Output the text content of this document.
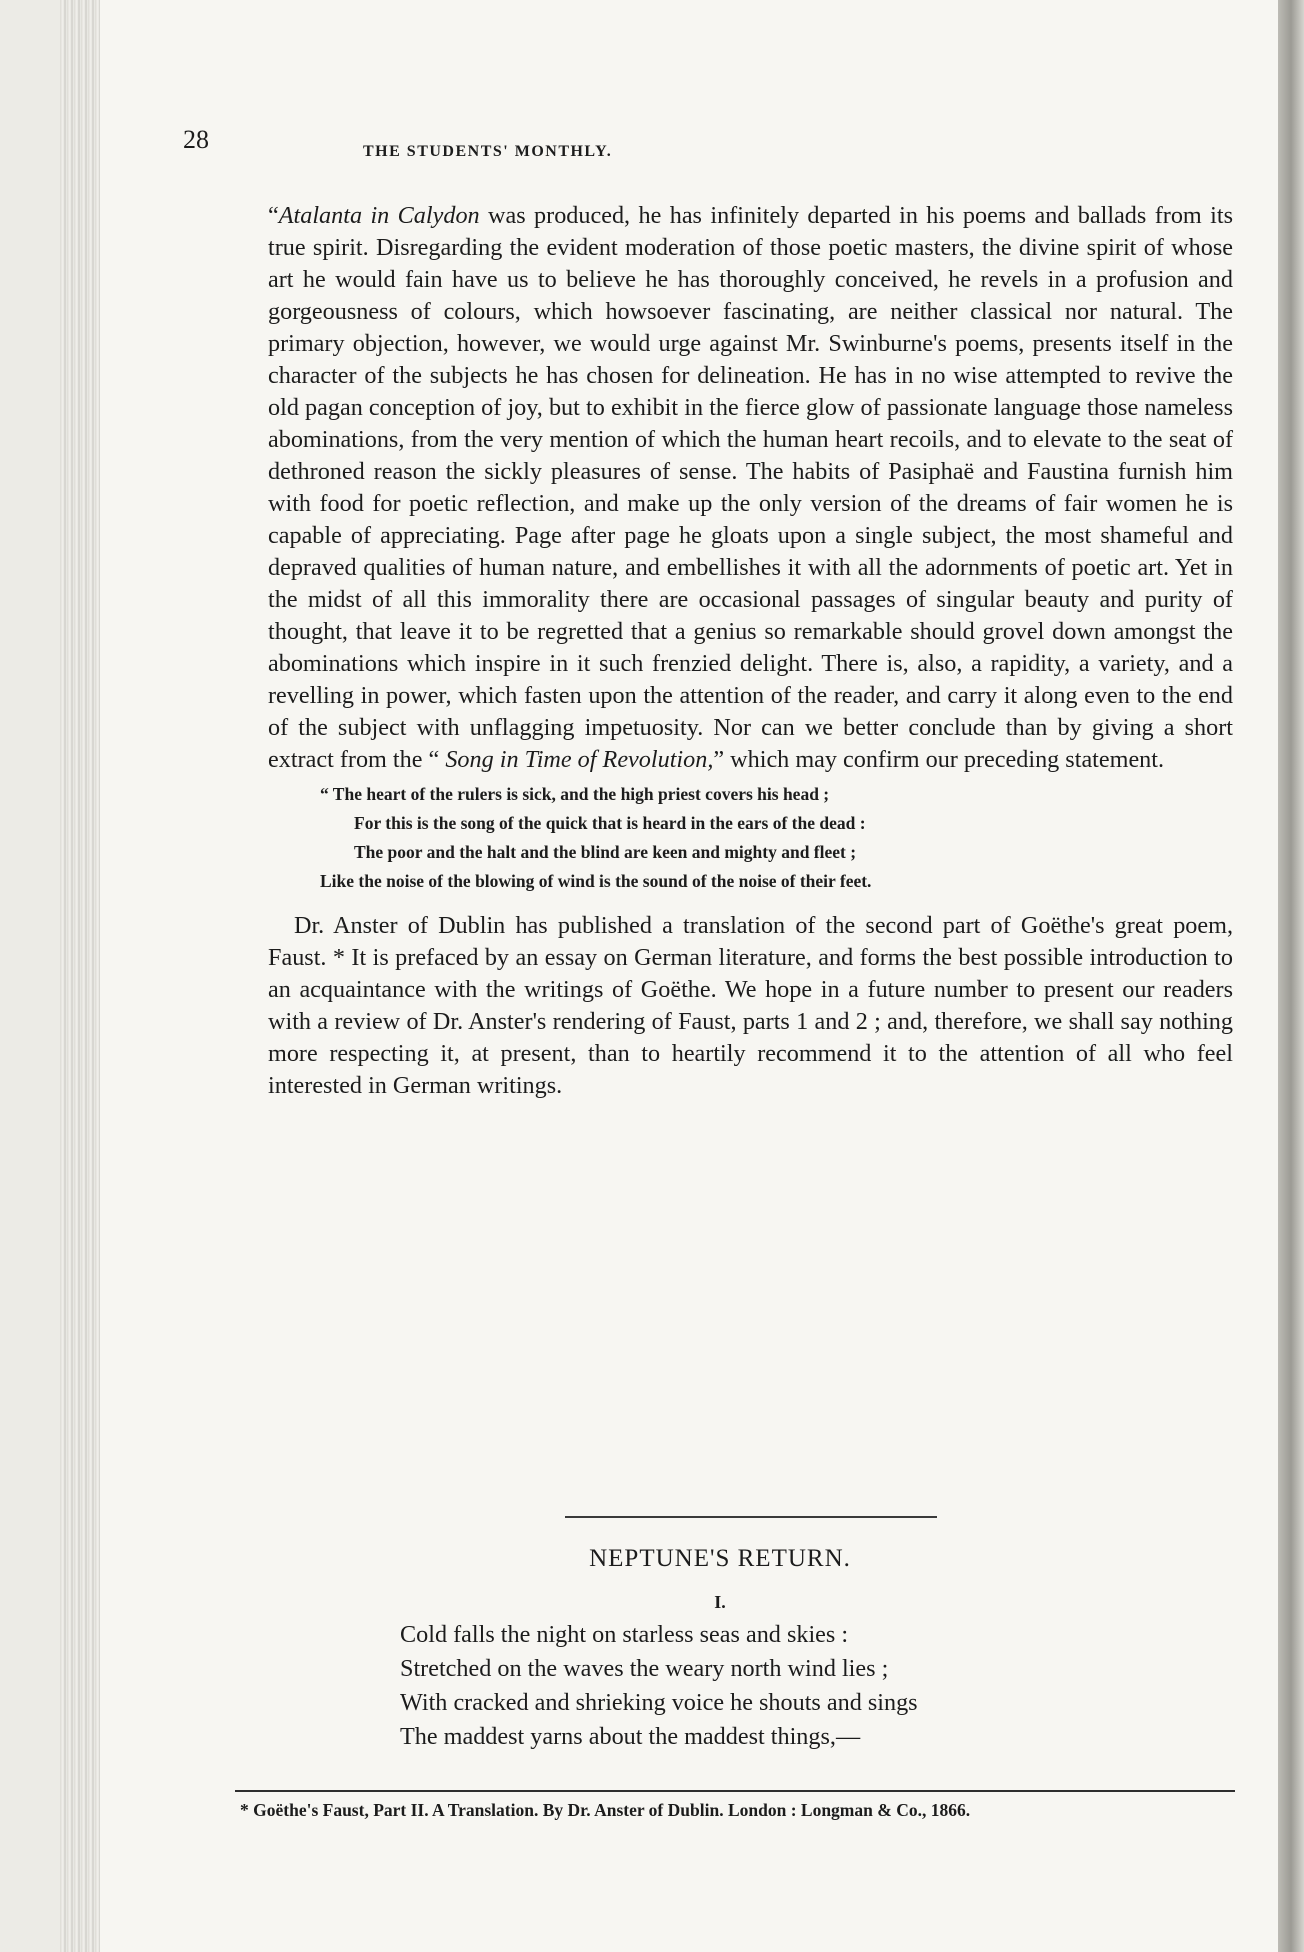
28	THE STUDENTS' MONTHLY.

“Atalanta in Calydon was produced, he has infinitely departed in his poems and ballads from its true spirit. Disregarding the evident moderation of those poetic masters, the divine spirit of whose art he would fain have us to believe he has thoroughly conceived, he revels in a profusion and gorgeousness of colours, which howsoever fascinating, are neither classical nor natural. The primary objection, however, we would urge against Mr. Swinburne's poems, presents itself in the character of the subjects he has chosen for delineation. He has in no wise attempted to revive the old pagan conception of joy, but to exhibit in the fierce glow of passionate language those nameless abominations, from the very mention of which the human heart recoils, and to elevate to the seat of dethroned reason the sickly pleasures of sense. The habits of Pasiphaë and Faustina furnish him with food for poetic reflection, and make up the only version of the dreams of fair women he is capable of appreciating. Page after page he gloats upon a single subject, the most shameful and depraved qualities of human nature, and embellishes it with all the adornments of poetic art. Yet in the midst of all this immorality there are occasional passages of singular beauty and purity of thought, that leave it to be regretted that a genius so remarkable should grovel down amongst the abominations which inspire in it such frenzied delight. There is, also, a rapidity, a variety, and a revelling in power, which fasten upon the attention of the reader, and carry it along even to the end of the subject with unflagging impetuosity. Nor can we better conclude than by giving a short extract from the “ Song in Time of Revolution,” which may confirm our preceding statement.

“ The heart of the rulers is sick, and the high priest covers his head ;
For this is the song of the quick that is heard in the ears of the dead :
The poor and the halt and the blind are keen and mighty and fleet ;
Like the noise of the blowing of wind is the sound of the noise of their feet.

Dr. Anster of Dublin has published a translation of the second part of Goëthe's great poem, Faust. * It is prefaced by an essay on German literature, and forms the best possible introduction to an acquaintance with the writings of Goëthe. We hope in a future number to present our readers with a review of Dr. Anster's rendering of Faust, parts 1 and 2 ; and, therefore, we shall say nothing more respecting it, at present, than to heartily recommend it to the attention of all who feel interested in German writings.

NEPTUNE'S RETURN.
I.
Cold falls the night on starless seas and skies :
Stretched on the waves the weary north wind lies ;
With cracked and shrieking voice he shouts and sings
The maddest yarns about the maddest things,—
* Goëthe's Faust, Part II. A Translation. By Dr. Anster of Dublin. London : Longman & Co., 1866.
